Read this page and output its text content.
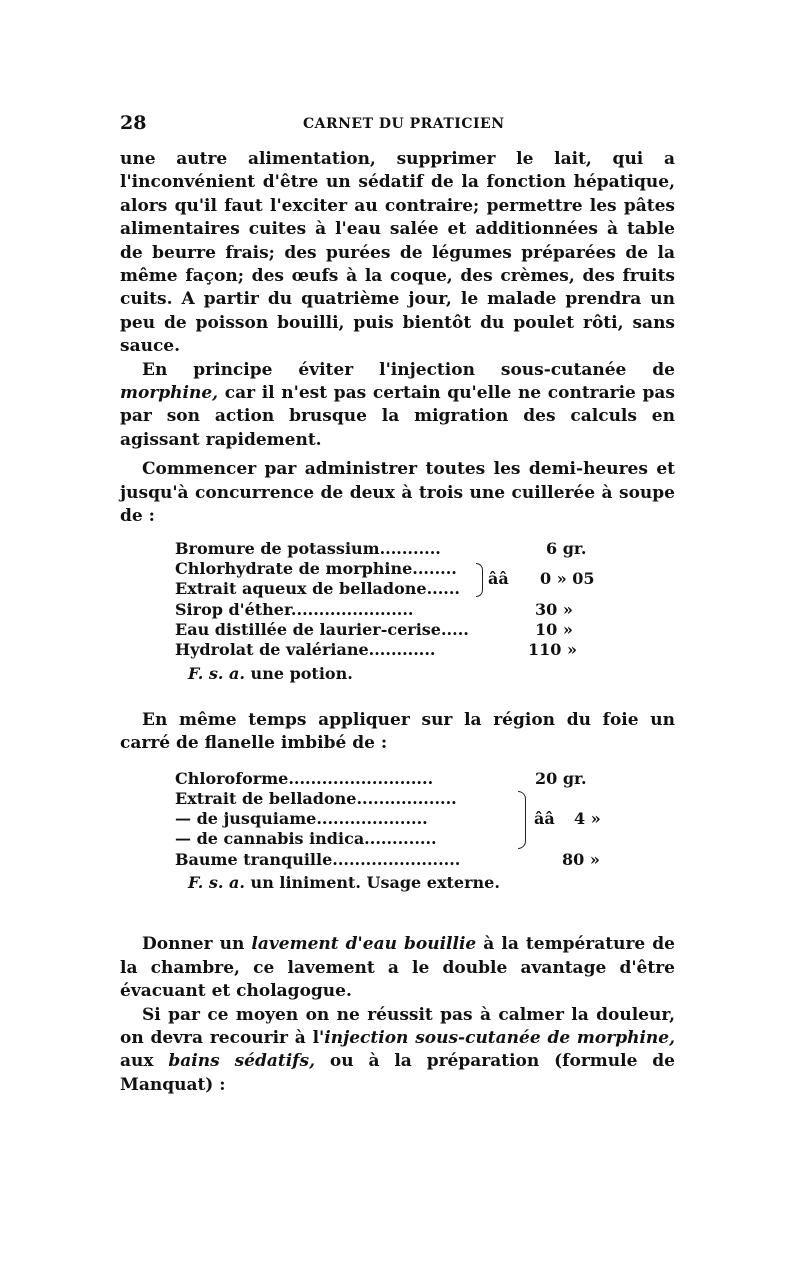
28	CARNET DU PRATICIEN

une autre alimentation, supprimer le lait, qui a l'inconvénient d'être un sédatif de la fonction hépatique, alors qu'il faut l'exciter au contraire; permettre les pâtes alimentaires cuites à l'eau salée et additionnées à table de beurre frais; des purées de légumes préparées de la même façon; des œufs à la coque, des crèmes, des fruits cuits. A partir du quatrième jour, le malade prendra un peu de poisson bouilli, puis bientôt du poulet rôti, sans sauce.

En principe éviter l'injection sous-cutanée de morphine, car il n'est pas certain qu'elle ne contrarie pas par son action brusque la migration des calculs en agissant rapidement.

Commencer par administrer toutes les demi-heures et jusqu'à concurrence de deux à trois une cuillerée à soupe de :

Bromure de potassium...........	6 gr.
Chlorhydrate de morphine........
Extrait aqueux de belladone......
ââ 0 » 05
Sirop d'éther......................	30 »
Eau distillée de laurier-cerise.....	10 »
Hydrolat de valériane............	110 »
F. s. a. une potion.

En même temps appliquer sur la région du foie un carré de flanelle imbibé de :

Chloroforme..........................	20 gr.
Extrait de belladone..................
— de jusquiame....................
— de cannabis indica.............
ââ 4 »
Baume tranquille.......................	80 »
F. s. a. un liniment. Usage externe.

Donner un lavement d'eau bouillie à la température de la chambre, ce lavement a le double avantage d'être évacuant et cholagogue.

Si par ce moyen on ne réussit pas à calmer la douleur, on devra recourir à l'injection sous-cutanée de morphine, aux bains sédatifs, ou à la préparation (formule de Manquat) :
